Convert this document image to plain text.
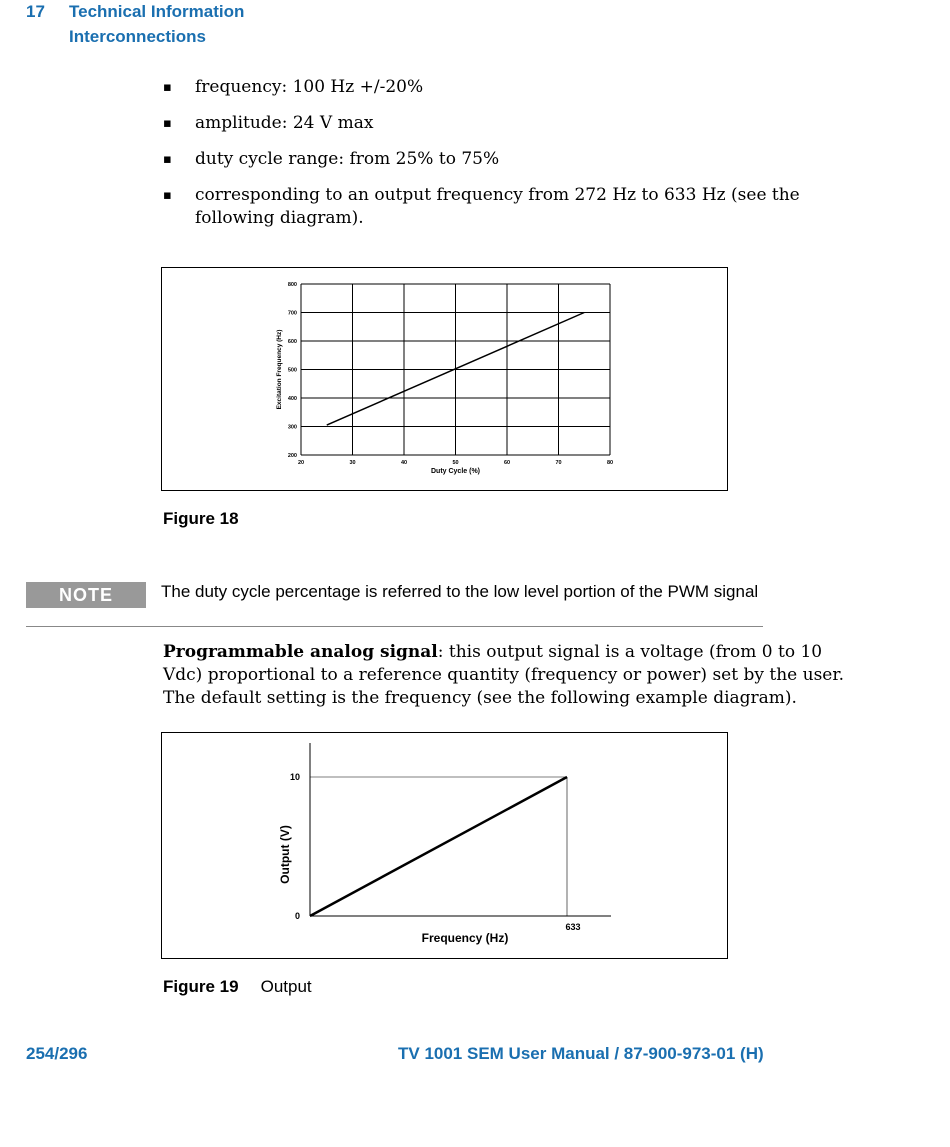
17 Technical Information
Interconnections
▪ frequency: 100 Hz +/-20%
▪ amplitude: 24 V max
▪ duty cycle range: from 25% to 75%
▪ corresponding to an output frequency from 272 Hz to 633 Hz (see the following diagram).
20	30	40	50	60	70	80
200
300
400
500
600
700
800
Duty Cycle (%)
Excitation Frequency (Hz)
Figure 18
NOTE	The duty cycle percentage is referred to the low level portion of the PWM signal
Programmable analog signal: this output signal is a voltage (from 0 to 10 Vdc) proportional to a reference quantity (frequency or power) set by the user. The default setting is the frequency (see the following example diagram).
0
10
633
Frequency (Hz)
Output (V)
Figure 19 Output
254/296	TV 1001 SEM User Manual / 87-900-973-01 (H)
